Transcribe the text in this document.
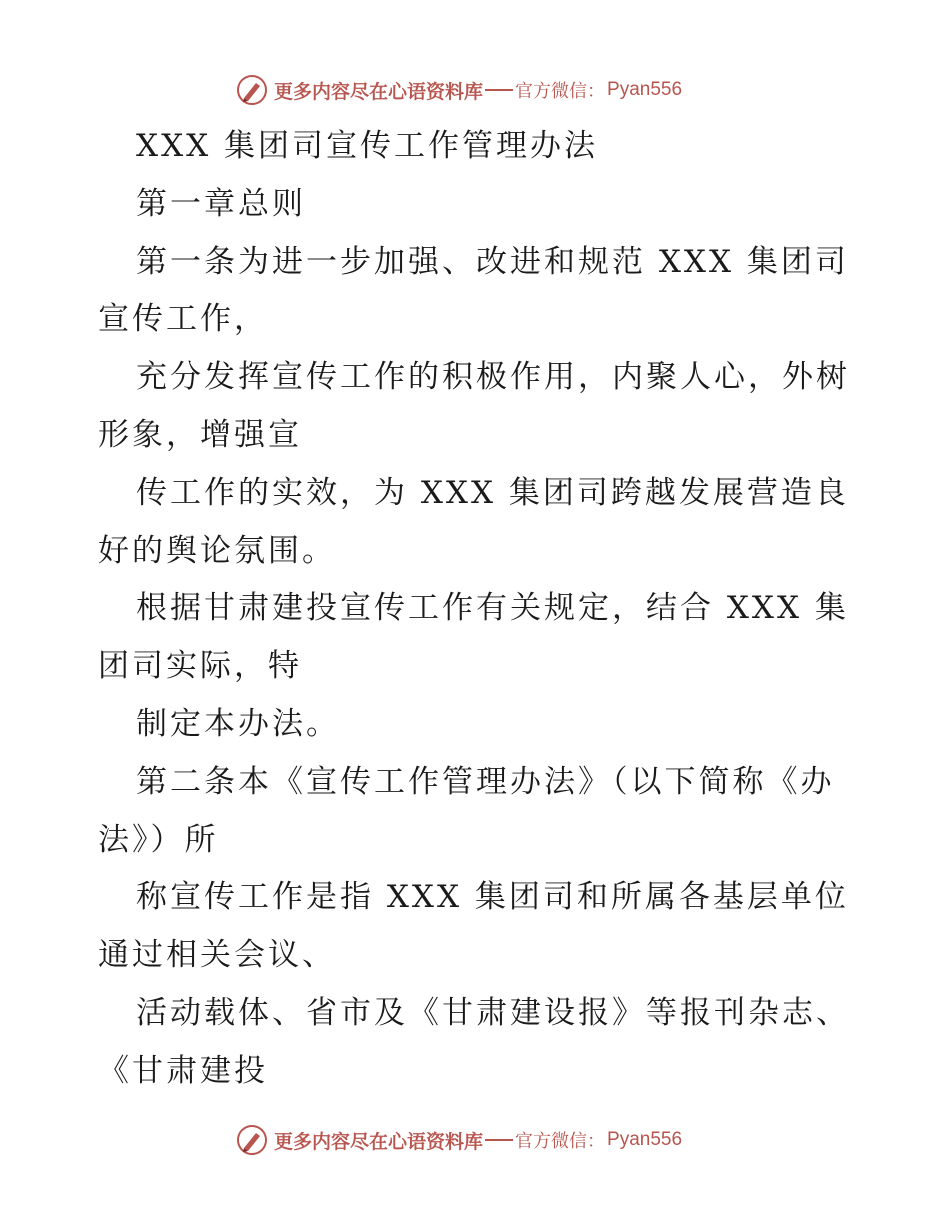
更多内容尽在心语资料库 官方微信： Pyan556
XXX 集团司宣传工作管理办法
第一章总则
第一条为进一步加强、改进和规范 XXX 集团司
宣传工作，
充分发挥宣传工作的积极作用，内聚人心，外树
形象，增强宣
传工作的实效，为 XXX 集团司跨越发展营造良
好的舆论氛围。
根据甘肃建投宣传工作有关规定，结合 XXX 集
团司实际，特
制定本办法。
第二条本《宣传工作管理办法》（以下简称《办
法》）所
称宣传工作是指 XXX 集团司和所属各基层单位
通过相关会议、
活动载体、省市及《甘肃建设报》等报刊杂志、
《甘肃建投
更多内容尽在心语资料库 官方微信： Pyan556
